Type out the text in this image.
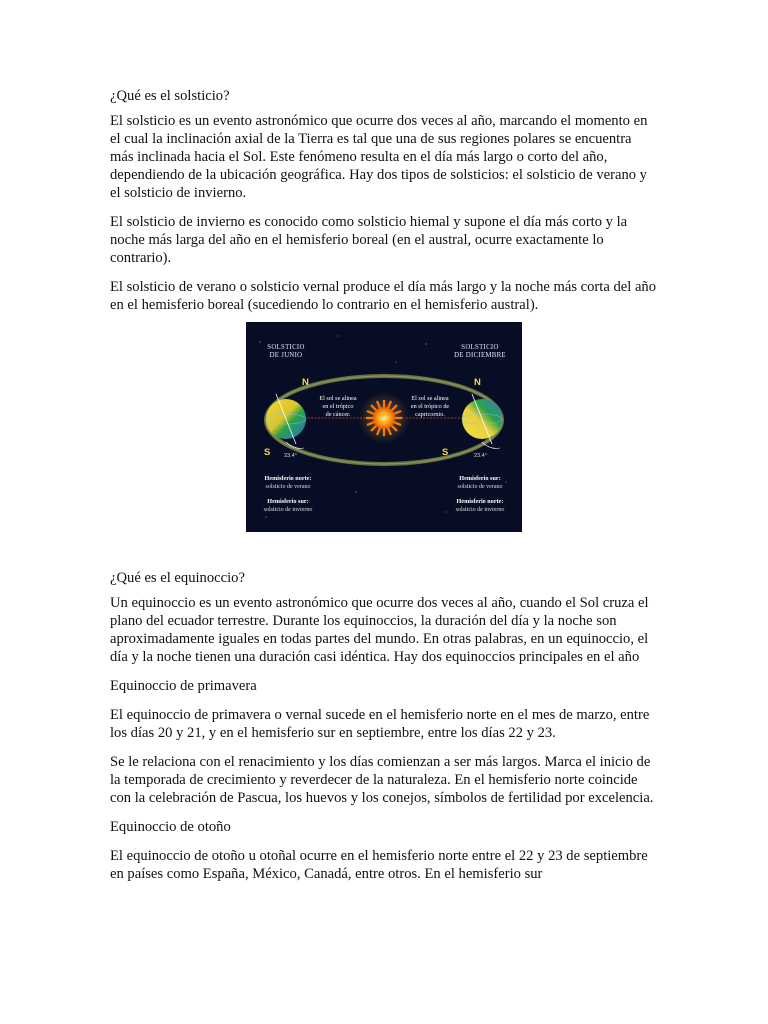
¿Qué es el solsticio?

El solsticio es un evento astronómico que ocurre dos veces al año, marcando el momento en el cual la inclinación axial de la Tierra es tal que una de sus regiones polares se encuentra más inclinada hacia el Sol. Este fenómeno resulta en el día más largo o corto del año, dependiendo de la ubicación geográfica. Hay dos tipos de solsticios: el solsticio de verano y el solsticio de invierno.

El solsticio de invierno es conocido como solsticio hiemal y supone el día más corto y la noche más larga del año en el hemisferio boreal (en el austral, ocurre exactamente lo contrario).

El solsticio de verano o solsticio vernal produce el día más largo y la noche más corta del año en el hemisferio boreal (sucediendo lo contrario en el hemisferio austral).

SOLSTICIO
DE JUNIO
SOLSTICIO
DE DICIEMBRE
El sol se alinea
en el trópico
de cáncer.
El sol se alinea
en el trópico de
capricornio.
N
S
N
S
23.4°	23.4°
Hemisferio norte:
solsticio de verano
Hemisferio sur:
solsticio de invierno
Hemisferio sur:
solsticio de verano
Hemisferio norte:
solsticio de invierno

¿Qué es el equinoccio?

Un equinoccio es un evento astronómico que ocurre dos veces al año, cuando el Sol cruza el plano del ecuador terrestre. Durante los equinoccios, la duración del día y la noche son aproximadamente iguales en todas partes del mundo. En otras palabras, en un equinoccio, el día y la noche tienen una duración casi idéntica. Hay dos equinoccios principales en el año

Equinoccio de primavera

El equinoccio de primavera o vernal sucede en el hemisferio norte en el mes de marzo, entre los días 20 y 21, y en el hemisferio sur en septiembre, entre los días 22 y 23.

Se le relaciona con el renacimiento y los días comienzan a ser más largos. Marca el inicio de la temporada de crecimiento y reverdecer de la naturaleza. En el hemisferio norte coincide con la celebración de Pascua, los huevos y los conejos, símbolos de fertilidad por excelencia.

Equinoccio de otoño

El equinoccio de otoño u otoñal ocurre en el hemisferio norte entre el 22 y 23 de septiembre en países como España, México, Canadá, entre otros. En el hemisferio sur
